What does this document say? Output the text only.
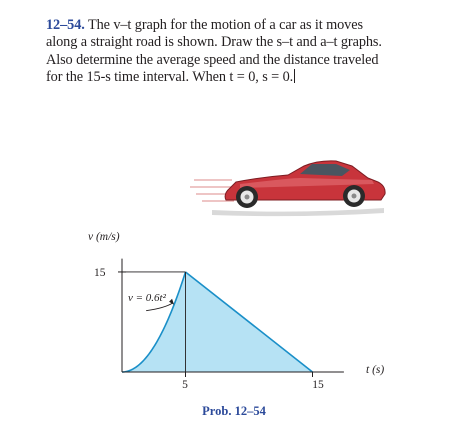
12–54. The v–t graph for the motion of a car as it moves
along a straight road is shown. Draw the s–t and a–t graphs.
Also determine the average speed and the distance traveled
for the 15-s time interval. When t = 0, s = 0.
v (m/s)
t (s)
15
5	15
v = 0.6t²
Prob. 12–54
